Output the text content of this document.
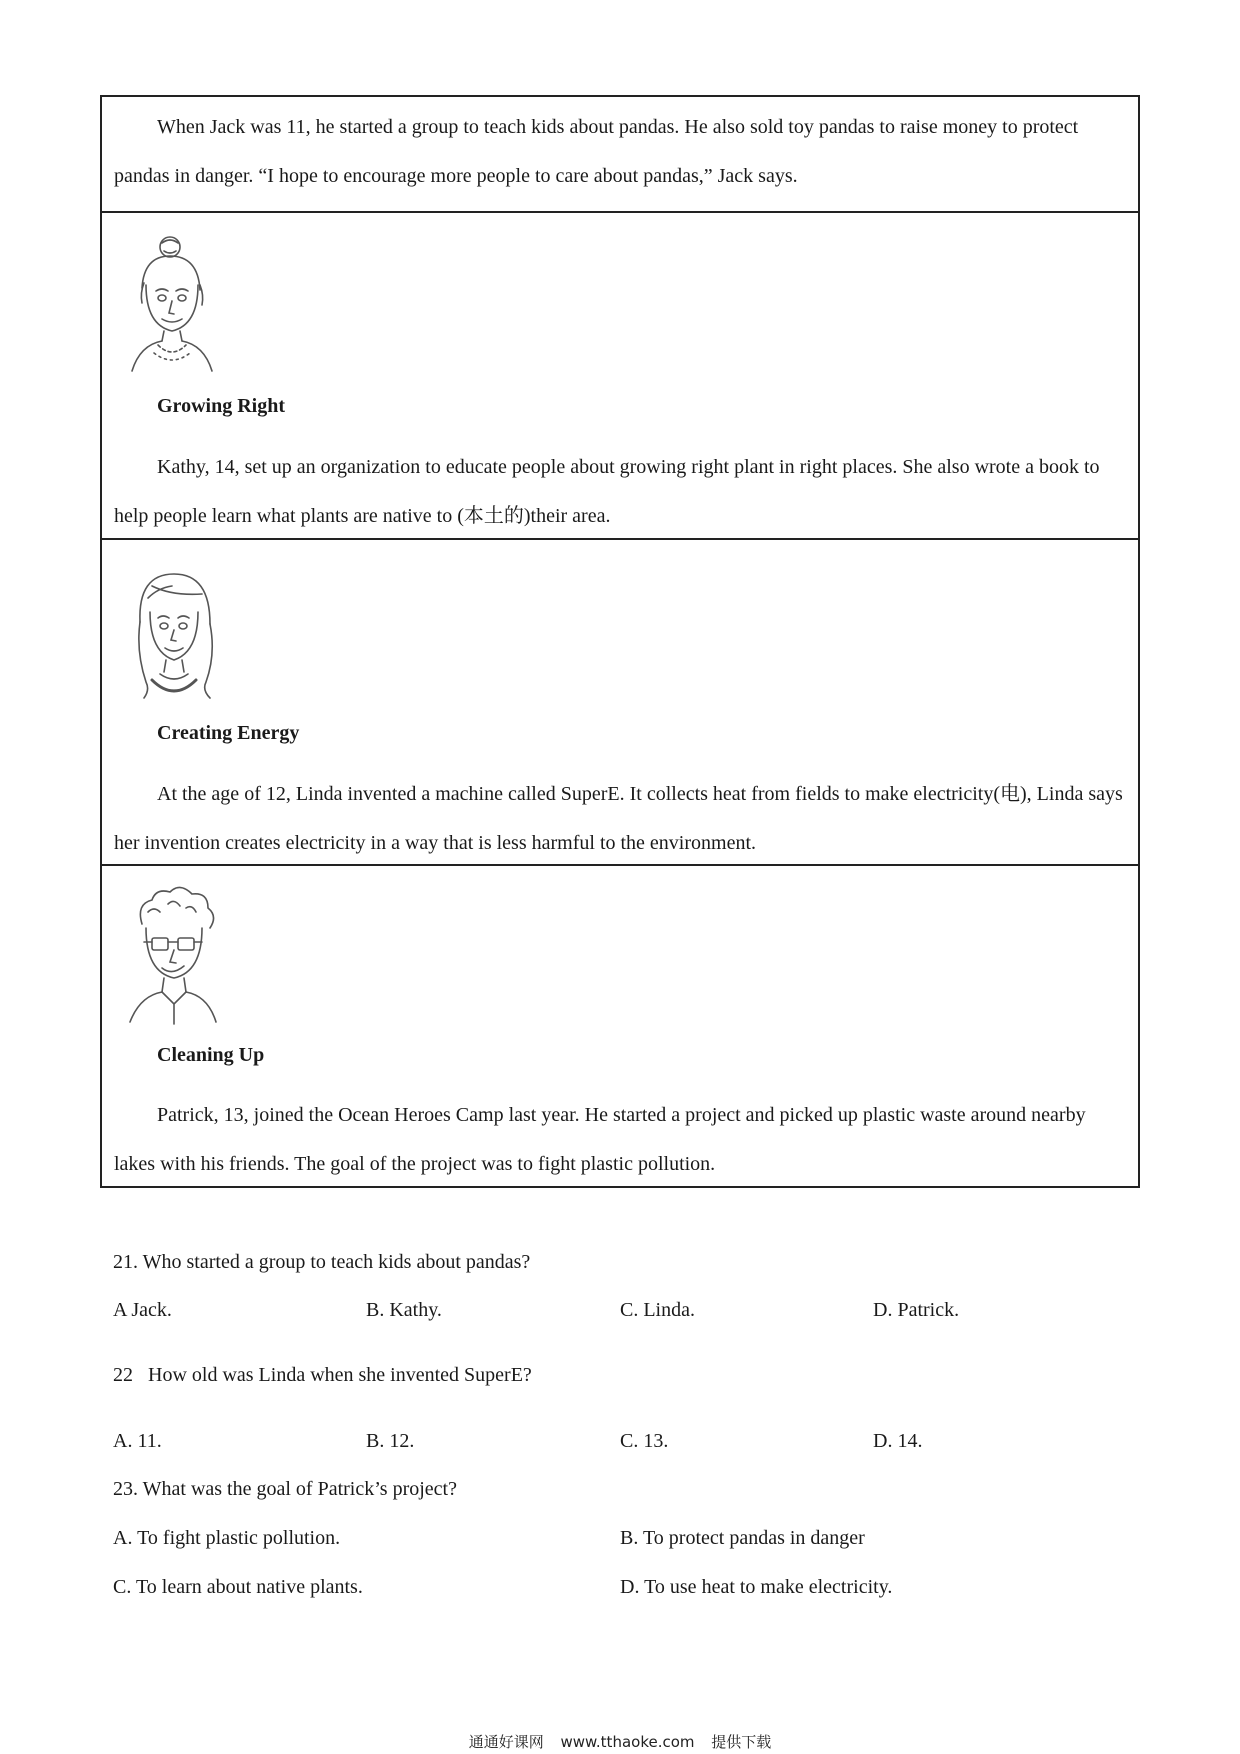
When Jack was 11, he started a group to teach kids about pandas. He also sold toy pandas to raise money to protect pandas in danger. “I hope to encourage more people to care about pandas,” Jack says.

Growing Right

Kathy, 14, set up an organization to educate people about growing right plant in right places. She also wrote a book to help people learn what plants are native to (本土的)their area.

Creating Energy

At the age of 12, Linda invented a machine called SuperE. It collects heat from fields to make electricity(电), Linda says her invention creates electricity in a way that is less harmful to the environment.

Cleaning Up

Patrick, 13, joined the Ocean Heroes Camp last year. He started a project and picked up plastic waste around nearby lakes with his friends. The goal of the project was to fight plastic pollution.

21. Who started a group to teach kids about pandas?

A Jack.	B. Kathy.	C. Linda.	D. Patrick.

22   How old was Linda when she invented SuperE?

A. 11.	B. 12.	C. 13.	D. 14.

23. What was the goal of Patrick’s project?

A. To fight plastic pollution.	B. To protect pandas in danger

C. To learn about native plants.	D. To use heat to make electricity.

通通好课网 www.tthaoke.com 提供下载
